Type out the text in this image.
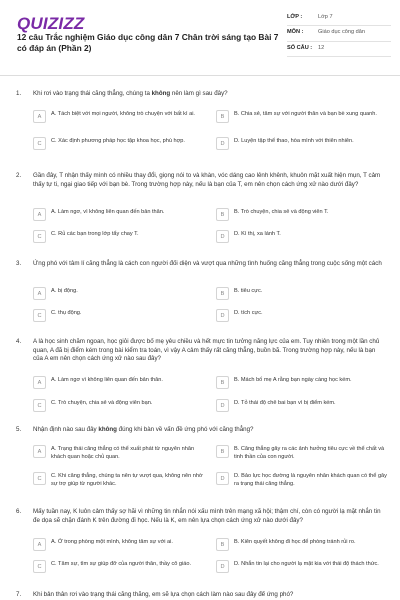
QUIZIZZ
12 câu Trắc nghiệm Giáo dục công dân 7 Chân trời sáng tạo Bài 7 có đáp án (Phần 2)
LỚP :	Lớp 7
MÔN :	Giáo dục công dân
SỐ CÂU :	12
1. Khi rơi vào trạng thái căng thẳng, chúng ta không nên làm gì sau đây?
A	A. Tách biệt với mọi người, không trò chuyện với bất kì ai.	B	B. Chia sẻ, tâm sự với người thân và bạn bè xung quanh.
C	C. Xác định phương pháp học tập khoa học, phù hợp.	D	D. Luyện tập thể thao, hòa mình với thiên nhiên.
2. Gần đây, T nhận thấy mình có nhiều thay đổi, giọng nói to và khàn, vóc dáng cao lênh khênh, khuôn mặt xuất hiện mụn, T cảm thấy tự ti, ngại giao tiếp với bạn bè. Trong trường hợp này, nếu là bạn của T, em nên chọn cách ứng xử nào dưới đây?
A	A. Làm ngơ, vì không liên quan đến bản thân.	B	B. Trò chuyện, chia sẻ và động viên T.
C	C. Rủ các bạn trong lớp tẩy chay T.	D	D. Kì thị, xa lánh T.
3. Ứng phó với tâm lí căng thẳng là cách con người đối diện và vượt qua những tình huống căng thẳng trong cuộc sống một cách
A	A. bị động.	B	B. tiêu cực.
C	C. thụ động.	D	D. tích cực.
4. A là học sinh chăm ngoan, học giỏi được bố mẹ yêu chiều và hết mực tin tưởng năng lực của em. Tuy nhiên trong một lần chủ quan, A đã bị điểm kém trong bài kiểm tra toán, vì vậy A cảm thấy rất căng thẳng, buồn bã. Trong trường hợp này, nếu là bạn của A em nên chọn cách ứng xử nào sau đây?
A	A. Làm ngơ vì không liên quan đến bản thân.	B	B. Mách bố mẹ A rằng bạn ngày càng học kém.
C	C. Trò chuyện, chia sẻ và động viên bạn.	D	D. Tỏ thái độ chê bai bạn vì bị điểm kém.
5. Nhận định nào sau đây không đúng khi bàn về vấn đề ứng phó với căng thẳng?
A	A. Trạng thái căng thẳng có thể xuất phát từ nguyên nhân khách quan hoặc chủ quan.
B	B. Căng thẳng gây ra các ảnh hưởng tiêu cực về thể chất và tinh thần của con người.
C	C. Khi căng thẳng, chúng ta nên tự vượt qua, không nên nhờ sự trợ giúp từ người khác.
D	D. Bảo lực học đường là nguyên nhân khách quan có thể gây ra trạng thái căng thẳng.
6. Mấy tuần nay, K luôn cảm thấy sợ hãi vì những tin nhắn nói xấu mình trên mạng xã hội; thậm chí, còn có người lạ mặt nhắn tin đe dọa sẽ chặn đánh K trên đường đi học. Nếu là K, em nên lựa chọn cách ứng xử nào dưới đây?
A	A. Ở trong phòng một mình, không tâm sự với ai.	B	B. Kiên quyết không đi học để phòng tránh rủi ro.
C	C. Tâm sự, tìm sự giúp đỡ của người thân, thầy cô giáo.	D	D. Nhắn tin lại cho người lạ mặt kia với thái độ thách thức.
7. Khi bản thân rơi vào trạng thái căng thẳng, em sẽ lựa chọn cách làm nào sau đây để ứng phó?
